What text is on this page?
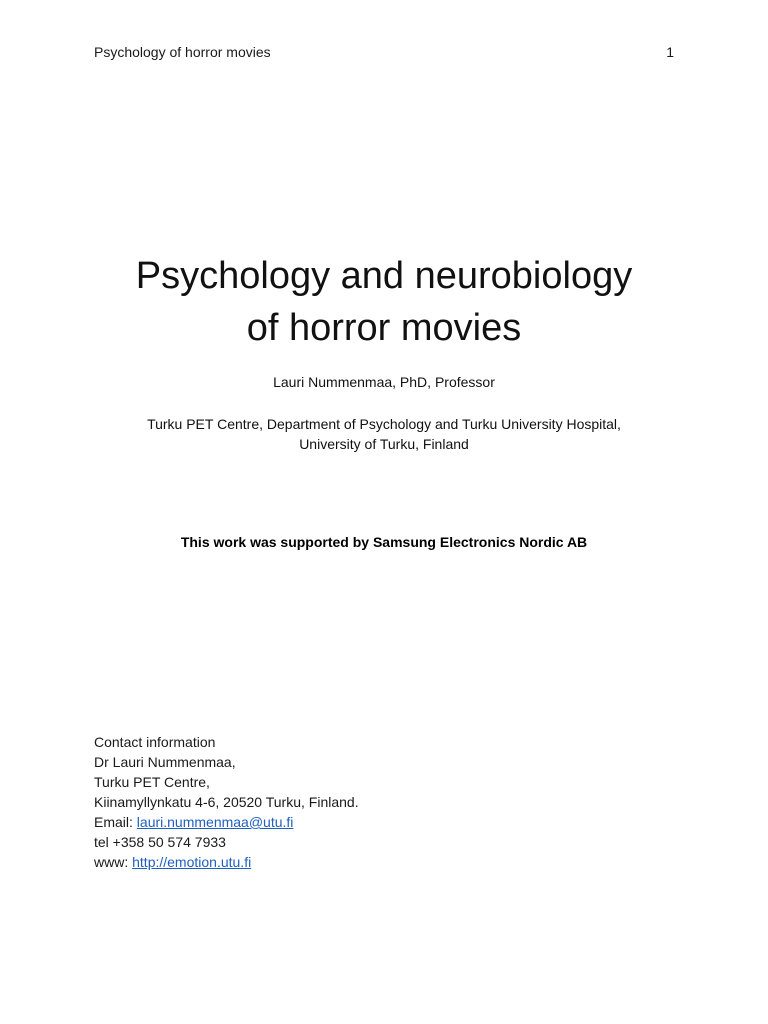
Psychology of horror movies	1
Psychology and neurobiology
of horror movies
Lauri Nummenmaa, PhD, Professor
Turku PET Centre, Department of Psychology and Turku University Hospital,
University of Turku, Finland
This work was supported by Samsung Electronics Nordic AB
Contact information
Dr Lauri Nummenmaa,
Turku PET Centre,
Kiinamyllynkatu 4-6, 20520 Turku, Finland.
Email: lauri.nummenmaa@utu.fi
tel +358 50 574 7933
www: http://emotion.utu.fi
